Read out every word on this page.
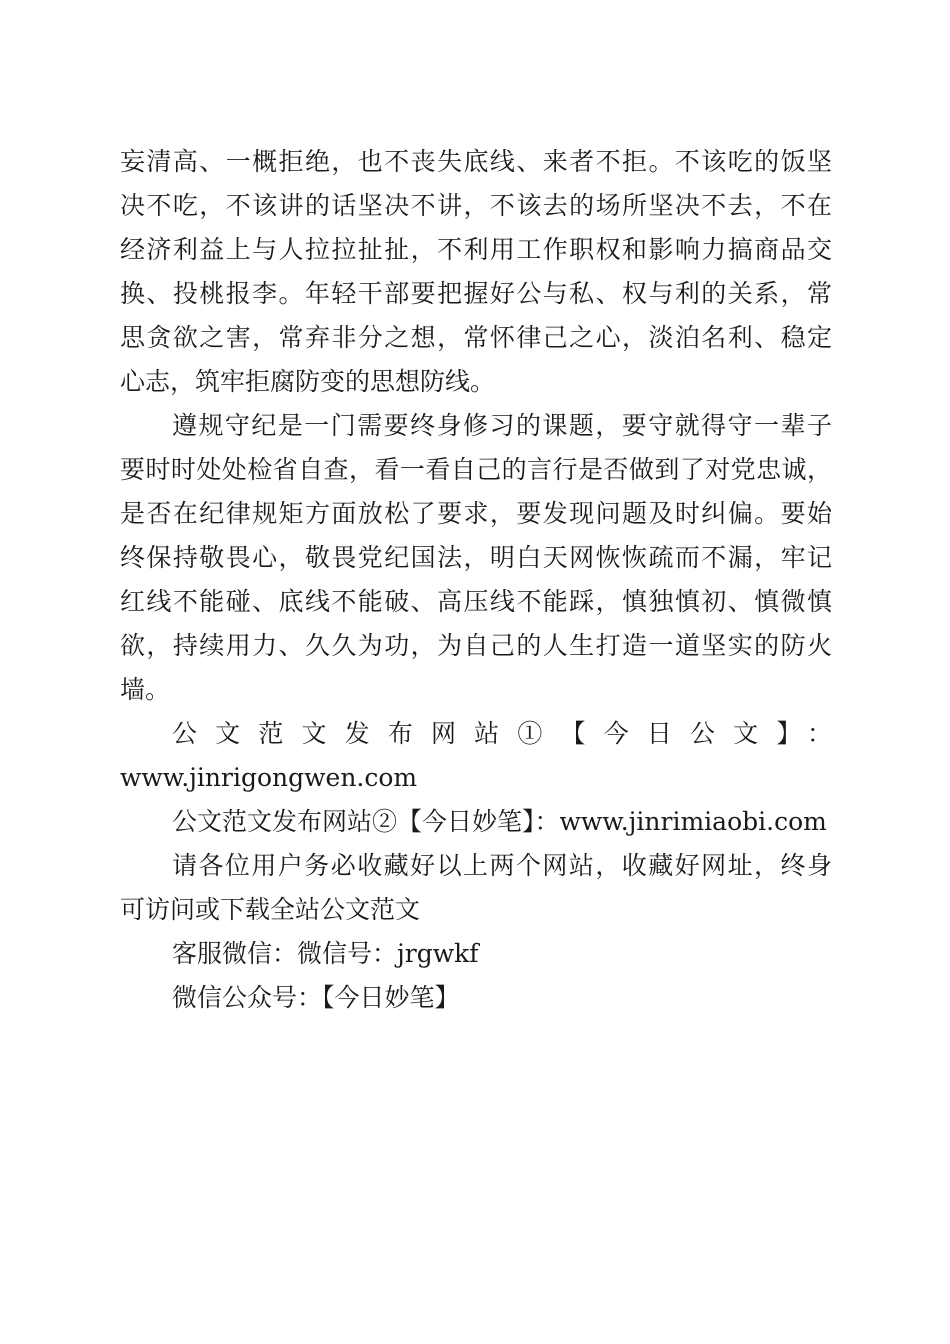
妄清高、一概拒绝，也不丧失底线、来者不拒。不该吃的饭坚
决不吃，不该讲的话坚决不讲，不该去的场所坚决不去，不在
经济利益上与人拉拉扯扯，不利用工作职权和影响力搞商品交
换、投桃报李。年轻干部要把握好公与私、权与利的关系，常
思贪欲之害，常弃非分之想，常怀律己之心，淡泊名利、稳定
心志，筑牢拒腐防变的思想防线。
遵规守纪是一门需要终身修习的课题，要守就得守一辈子
要时时处处检省自查，看一看自己的言行是否做到了对党忠诚，
是否在纪律规矩方面放松了要求，要发现问题及时纠偏。要始
终保持敬畏心，敬畏党纪国法，明白天网恢恢疏而不漏，牢记
红线不能碰、底线不能破、高压线不能踩，慎独慎初、慎微慎
欲，持续用力、久久为功，为自己的人生打造一道坚实的防火
墙。
公文范文发布网站①【今日公文】：
www.jinrigongwen.com
公文范文发布网站②【今日妙笔】：www.jinrimiaobi.com
请各位用户务必收藏好以上两个网站，收藏好网址，终身
可访问或下载全站公文范文
客服微信：微信号：jrgwkf
微信公众号：【今日妙笔】
